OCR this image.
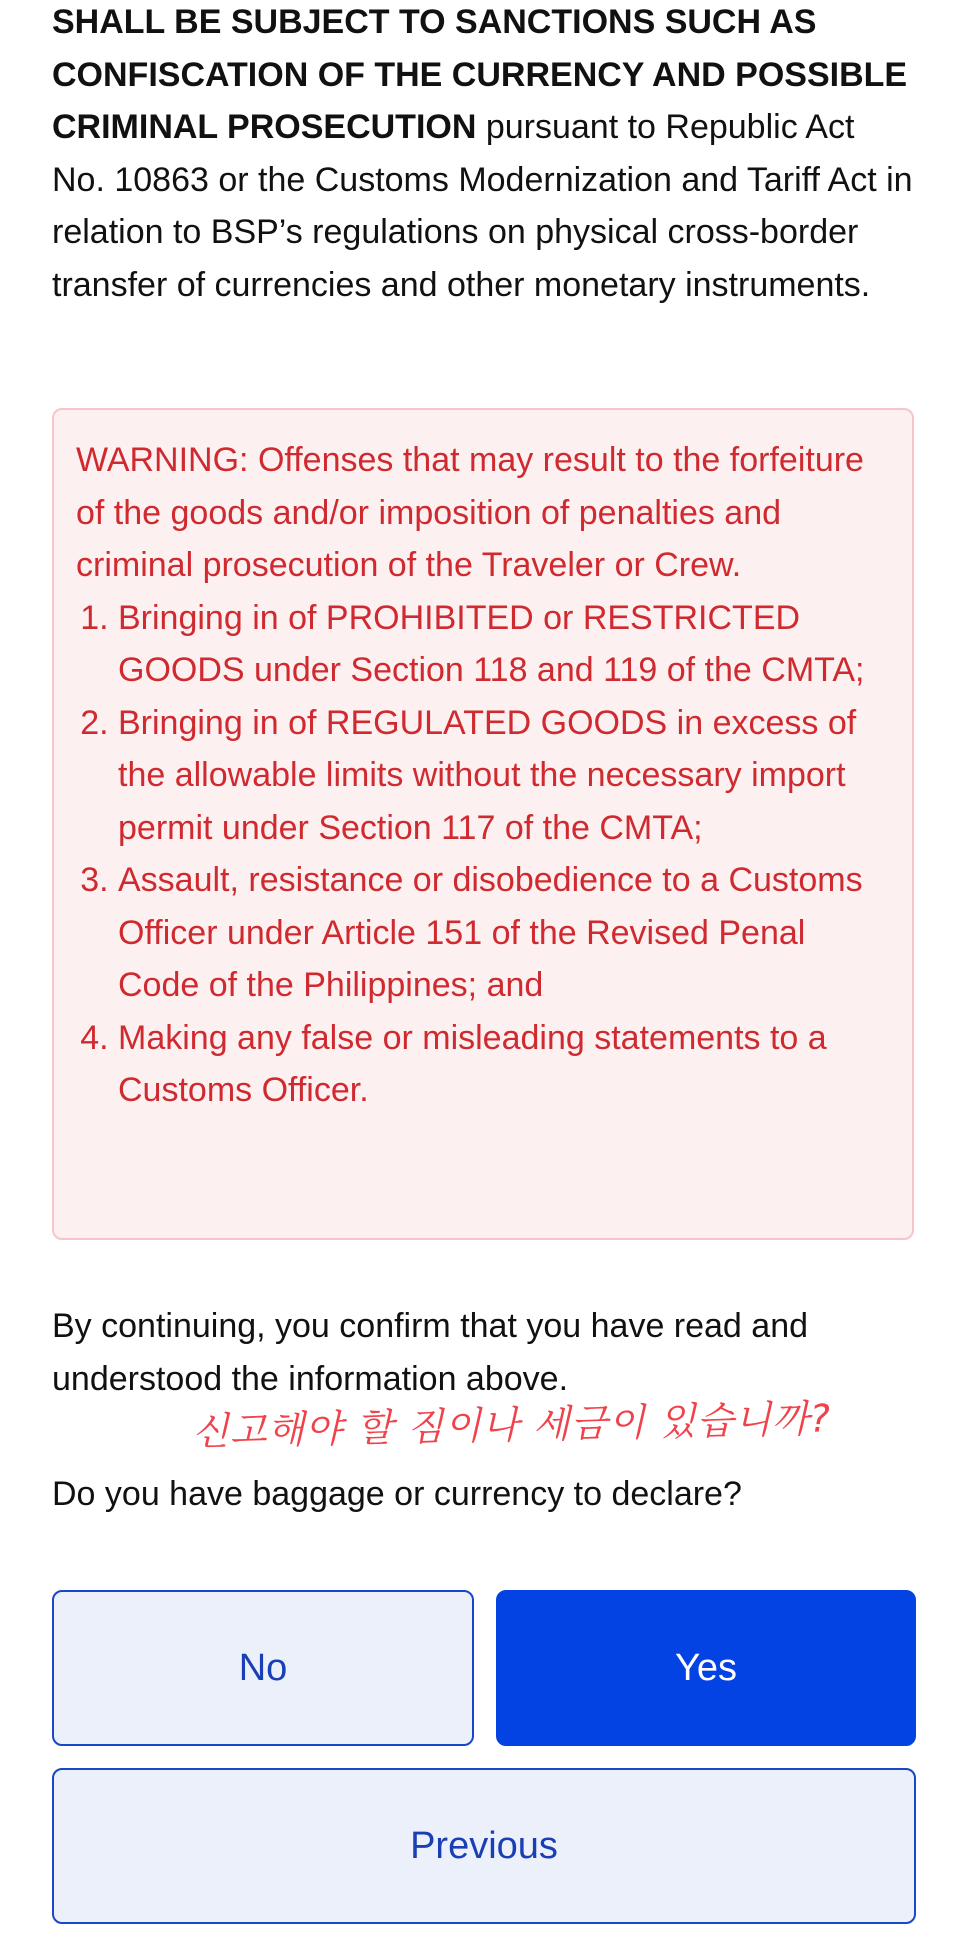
SHALL BE SUBJECT TO SANCTIONS SUCH AS CONFISCATION OF THE CURRENCY AND POSSIBLE CRIMINAL PROSECUTION pursuant to Republic Act No. 10863 or the Customs Modernization and Tariff Act in relation to BSP’s regulations on physical cross-border transfer of currencies and other monetary instruments.

WARNING: Offenses that may result to the forfeiture of the goods and/or imposition of penalties and criminal prosecution of the Traveler or Crew.

1. Bringing in of PROHIBITED or RESTRICTED GOODS under Section 118 and 119 of the CMTA;
2. Bringing in of REGULATED GOODS in excess of the allowable limits without the necessary import permit under Section 117 of the CMTA;
3. Assault, resistance or disobedience to a Customs Officer under Article 151 of the Revised Penal Code of the Philippines; and
4. Making any false or misleading statements to a Customs Officer.

By continuing, you confirm that you have read and understood the information above.

신고해야 할 짐이나 세금이 있습니까?

Do you have baggage or currency to declare?

No	Yes
Previous
